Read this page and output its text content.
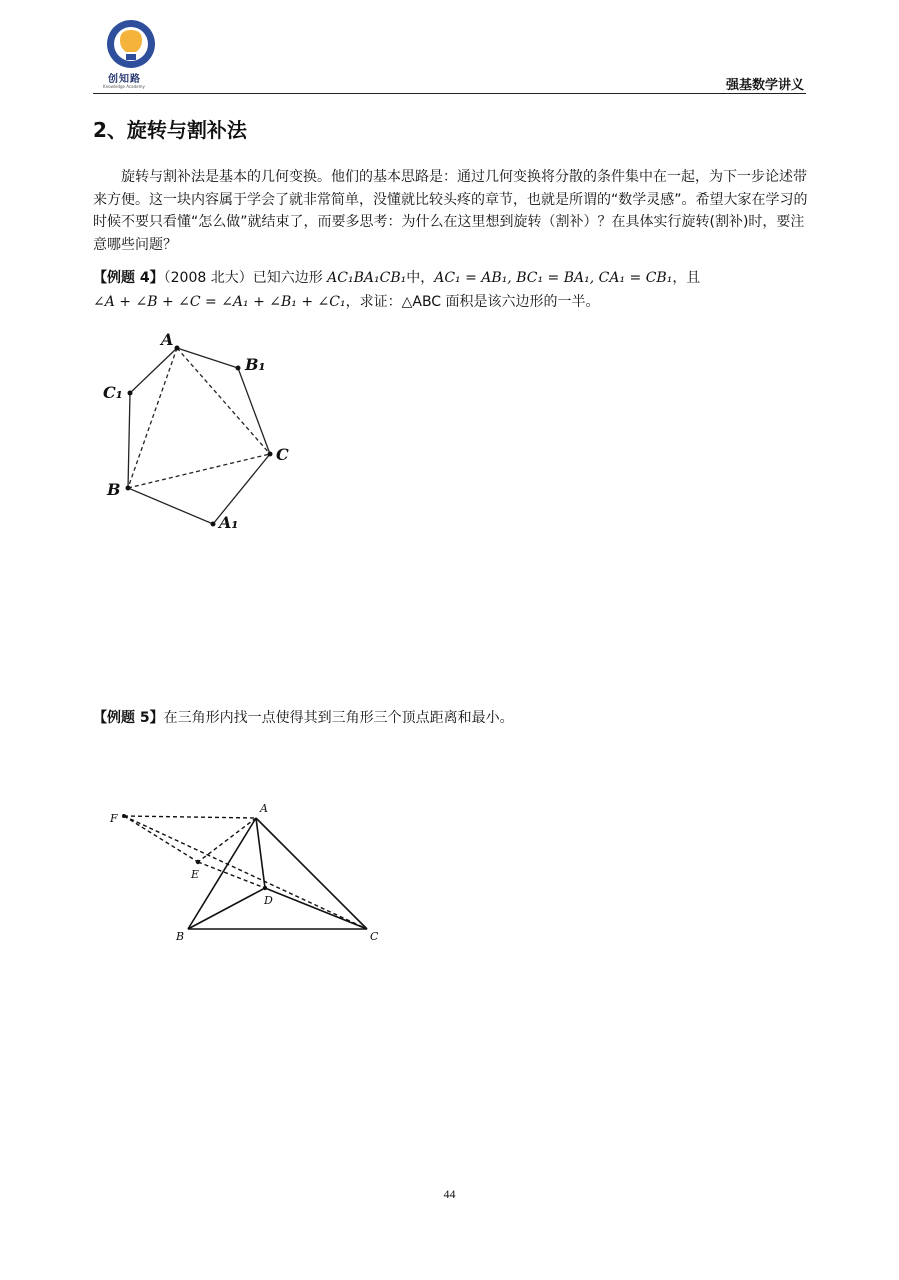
创知路
Knowledge Academy	强基数学讲义
2、旋转与割补法
旋转与割补法是基本的几何变换。他们的基本思路是：通过几何变换将分散的条件集中在一起，为下一步论述带来方便。这一块内容属于学会了就非常简单，没懂就比较头疼的章节，也就是所谓的“数学灵感”。希望大家在学习的时候不要只看懂“怎么做”就结束了，而要多思考：为什么在这里想到旋转（割补）？在具体实行旋转(割补)时，要注意哪些问题？
【例题 4】（2008 北大）已知六边形 AC₁BA₁CB₁中，AC₁ = AB₁, BC₁ = BA₁, CA₁ = CB₁，且
∠A + ∠B + ∠C = ∠A₁ + ∠B₁ + ∠C₁，求证：△ABC 面积是该六边形的一半。
A
B₁
C₁
C
B
A₁
【例题 5】在三角形内找一点使得其到三角形三个顶点距离和最小。
F
A
E
D
B	C
44
